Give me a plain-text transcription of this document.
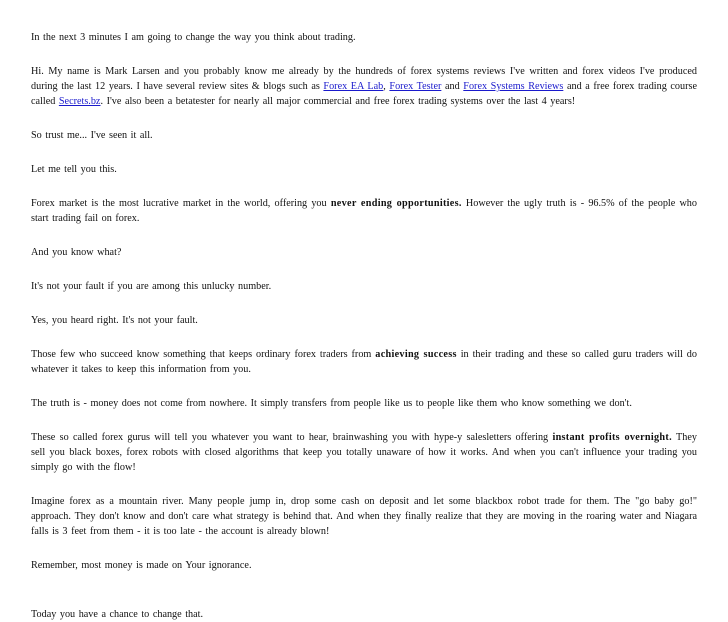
In the next 3 minutes I am going to change the way you think about trading.

Hi. My name is Mark Larsen and you probably know me already by the hundreds of forex systems reviews I've written and forex videos I've produced during the last 12 years. I have several review sites & blogs such as Forex EA Lab, Forex Tester and Forex Systems Reviews and a free forex trading course called Secrets.bz. I've also been a betatester for nearly all major commercial and free forex trading systems over the last 4 years!

So trust me... I've seen it all.

Let me tell you this.

Forex market is the most lucrative market in the world, offering you never ending opportunities. However the ugly truth is - 96.5% of the people who start trading fail on forex.

And you know what?

It's not your fault if you are among this unlucky number.

Yes, you heard right. It's not your fault.

Those few who succeed know something that keeps ordinary forex traders from achieving success in their trading and these so called guru traders will do whatever it takes to keep this information from you.

The truth is - money does not come from nowhere. It simply transfers from people like us to people like them who know something we don't.

These so called forex gurus will tell you whatever you want to hear, brainwashing you with hype-y salesletters offering instant profits overnight. They sell you black boxes, forex robots with closed algorithms that keep you totally unaware of how it works. And when you can't influence your trading you simply go with the flow!

Imagine forex as a mountain river. Many people jump in, drop some cash on deposit and let some blackbox robot trade for them. The "go baby go!" approach. They don't know and don't care what strategy is behind that. And when they finally realize that they are moving in the roaring water and Niagara falls is 3 feet from them - it is too late - the account is already blown!

Remember, most money is made on Your ignorance.

Today you have a chance to change that.
